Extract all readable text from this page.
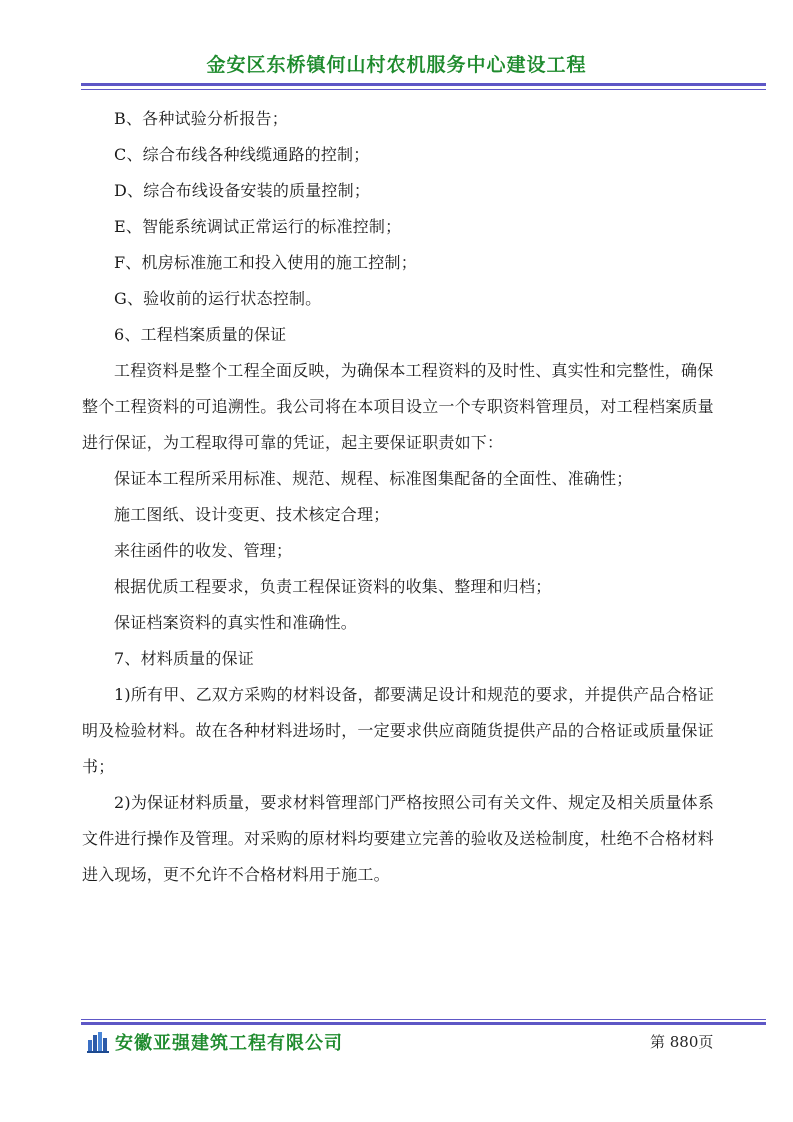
金安区东桥镇何山村农机服务中心建设工程

B、各种试验分析报告；

C、综合布线各种线缆通路的控制；

D、综合布线设备安装的质量控制；

E、智能系统调试正常运行的标准控制；

F、机房标准施工和投入使用的施工控制；

G、验收前的运行状态控制。

6、工程档案质量的保证

工程资料是整个工程全面反映，为确保本工程资料的及时性、真实性和完整性，确保整个工程资料的可追溯性。我公司将在本项目设立一个专职资料管理员，对工程档案质量进行保证，为工程取得可靠的凭证，起主要保证职责如下：

保证本工程所采用标准、规范、规程、标准图集配备的全面性、准确性；

施工图纸、设计变更、技术核定合理；

来往函件的收发、管理；

根据优质工程要求，负责工程保证资料的收集、整理和归档；

保证档案资料的真实性和准确性。

7、材料质量的保证

1)所有甲、乙双方采购的材料设备，都要满足设计和规范的要求，并提供产品合格证明及检验材料。故在各种材料进场时，一定要求供应商随货提供产品的合格证或质量保证书；

2)为保证材料质量，要求材料管理部门严格按照公司有关文件、规定及相关质量体系文件进行操作及管理。对采购的原材料均要建立完善的验收及送检制度，杜绝不合格材料进入现场，更不允许不合格材料用于施工。

安徽亚强建筑工程有限公司	第 880页
